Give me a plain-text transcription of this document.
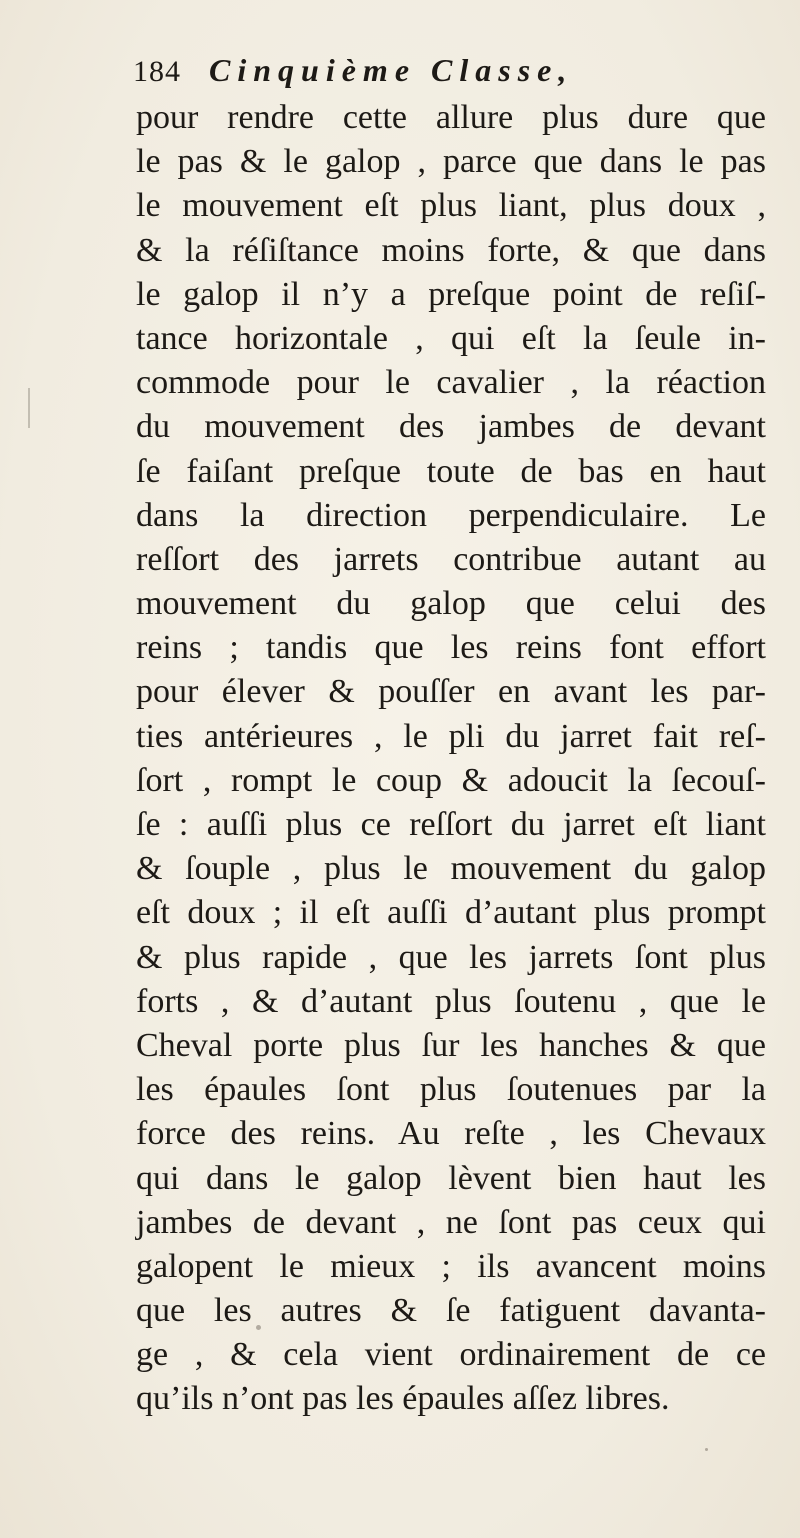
184 Cinquième Classe,
pour rendre cette allure plus dure que
le pas & le galop , parce que dans le pas
le mouvement eſt plus liant, plus doux ,
& la réſiſtance moins forte, & que dans
le galop il n’y a preſque point de reſiſ-
tance horizontale , qui eſt la ſeule in-
commode pour le cavalier , la réaction
du mouvement des jambes de devant
ſe faiſant preſque toute de bas en haut
dans la direction perpendiculaire. Le
reſſort des jarrets contribue autant au
mouvement du galop que celui des
reins ; tandis que les reins font effort
pour élever & pouſſer en avant les par-
ties antérieures , le pli du jarret fait reſ-
ſort , rompt le coup & adoucit la ſecouſ-
ſe : auſſi plus ce reſſort du jarret eſt liant
& ſouple , plus le mouvement du galop
eſt doux ; il eſt auſſi d’autant plus prompt
& plus rapide , que les jarrets ſont plus
forts , & d’autant plus ſoutenu , que le
Cheval porte plus ſur les hanches & que
les épaules ſont plus ſoutenues par la
force des reins. Au reſte , les Chevaux
qui dans le galop lèvent bien haut les
jambes de devant , ne ſont pas ceux qui
galopent le mieux ; ils avancent moins
que les autres & ſe fatiguent davanta-
ge , & cela vient ordinairement de ce
qu’ils n’ont pas les épaules aſſez libres.
